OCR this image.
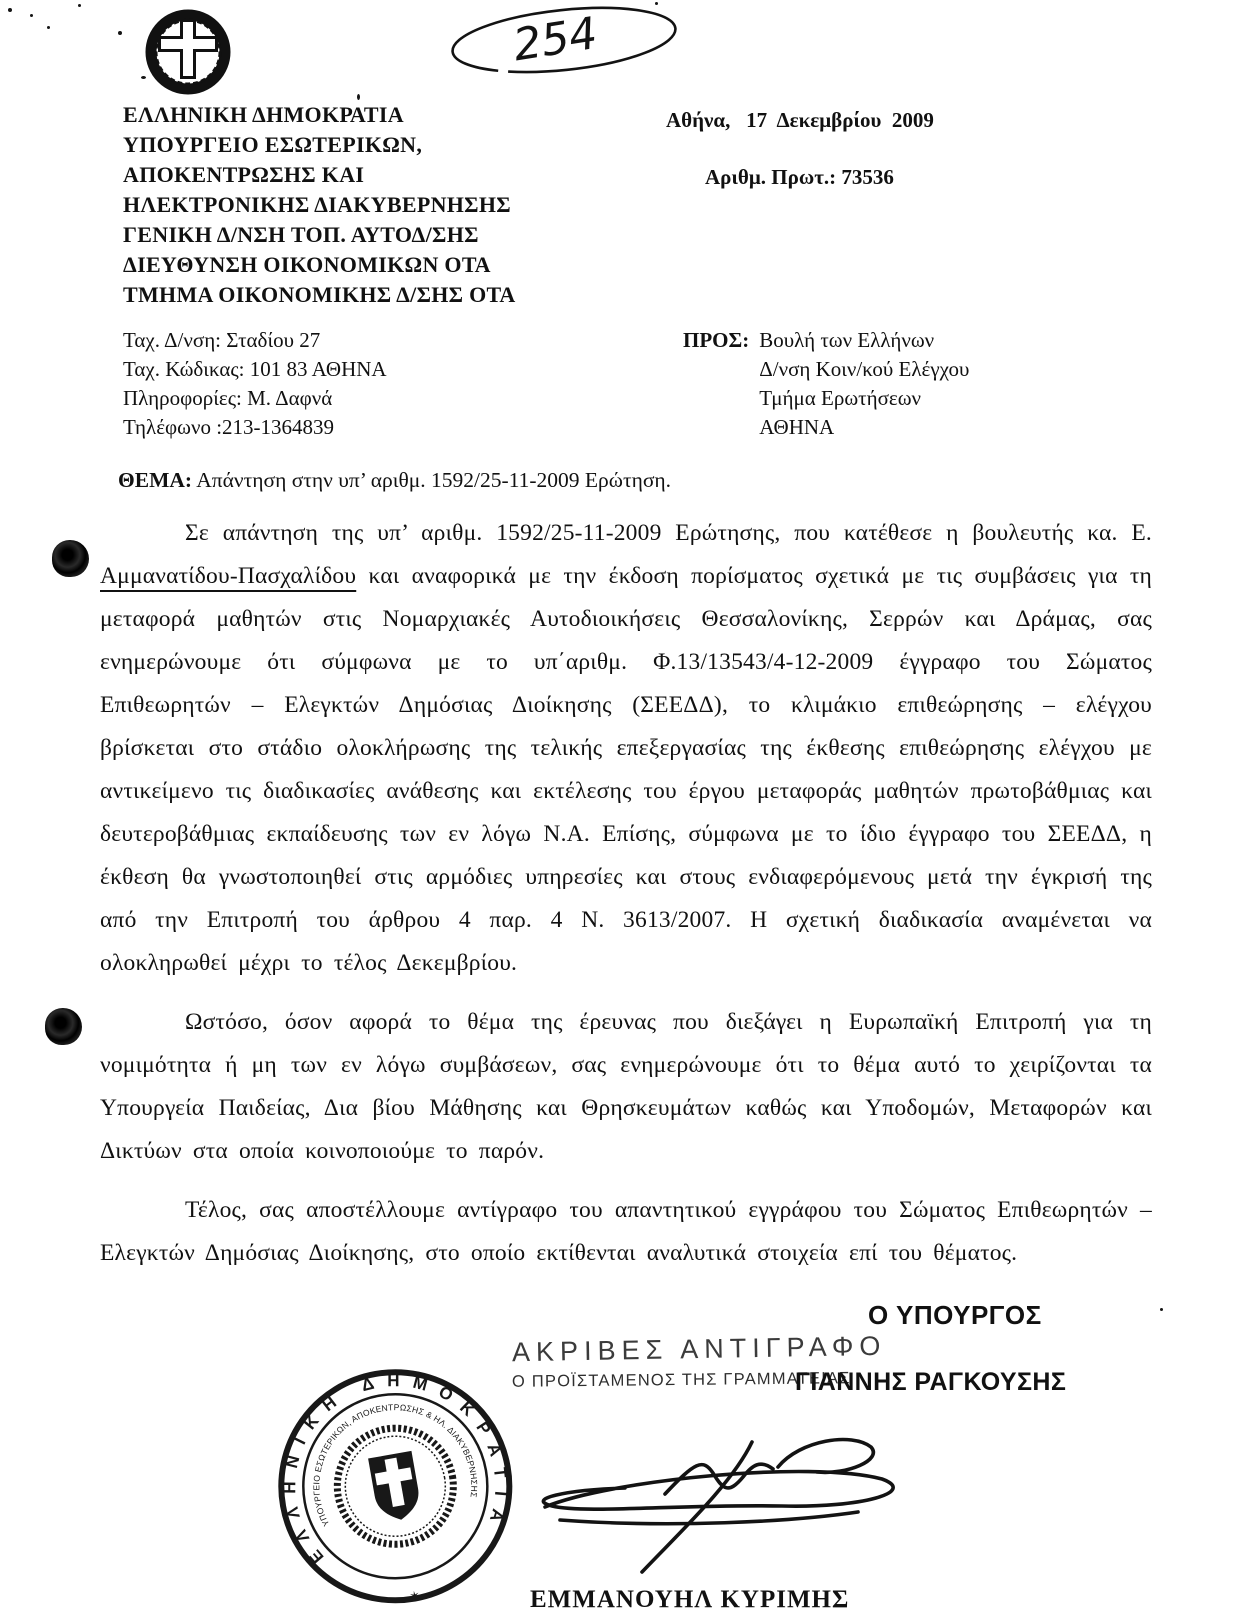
254
ΕΛΛΗΝΙΚΗ ΔΗΜΟΚΡΑΤΙΑ
ΥΠΟΥΡΓΕΙΟ ΕΣΩΤΕΡΙΚΩΝ,
ΑΠΟΚΕΝΤΡΩΣΗΣ ΚΑΙ
ΗΛΕΚΤΡΟΝΙΚΗΣ ΔΙΑΚΥΒΕΡΝΗΣΗΣ
ΓΕΝΙΚΗ Δ/ΝΣΗ ΤΟΠ. ΑΥΤΟΔ/ΣΗΣ
ΔΙΕΥΘΥΝΣΗ ΟΙΚΟΝΟΜΙΚΩΝ ΟΤΑ
ΤΜΗΜΑ ΟΙΚΟΝΟΜΙΚΗΣ Δ/ΣΗΣ ΟΤΑ
Αθήνα,   17  Δεκεμβρίου  2009
Αριθμ. Πρωτ.: 73536
Ταχ. Δ/νση: Σταδίου 27
Ταχ. Κώδικας: 101 83 ΑΘΗΝΑ
Πληροφορίες: Μ. Δαφνά
Τηλέφωνο :213-1364839
ΠΡΟΣ: Βουλή των Ελλήνων
Δ/νση Κοιν/κού Ελέγχου
Τμήμα Ερωτήσεων
ΑΘΗΝΑ
ΘΕΜΑ: Απάντηση στην υπ’ αριθμ. 1592/25-11-2009 Ερώτηση.

Σε απάντηση της υπ’ αριθμ. 1592/25-11-2009 Ερώτησης, που κατέθεσε η βουλευτής κα. Ε. Αμμανατίδου-Πασχαλίδου και αναφορικά με την έκδοση πορίσματος σχετικά με τις συμβάσεις για τη μεταφορά μαθητών στις Νομαρχιακές Αυτοδιοικήσεις Θεσσαλονίκης, Σερρών και Δράμας, σας ενημερώνουμε ότι σύμφωνα με το υπ΄αριθμ. Φ.13/13543/4-12-2009 έγγραφο του Σώματος Επιθεωρητών – Ελεγκτών Δημόσιας Διοίκησης (ΣΕΕΔΔ), το κλιμάκιο επιθεώρησης – ελέγχου βρίσκεται στο στάδιο ολοκλήρωσης της τελικής επεξεργασίας της έκθεσης επιθεώρησης ελέγχου με αντικείμενο τις διαδικασίες ανάθεσης και εκτέλεσης του έργου μεταφοράς μαθητών πρωτοβάθμιας και δευτεροβάθμιας εκπαίδευσης των εν λόγω Ν.Α. Επίσης, σύμφωνα με το ίδιο έγγραφο του ΣΕΕΔΔ, η έκθεση θα γνωστοποιηθεί στις αρμόδιες υπηρεσίες και στους ενδιαφερόμενους μετά την έγκρισή της από την Επιτροπή του άρθρου 4 παρ. 4 Ν. 3613/2007. Η σχετική διαδικασία αναμένεται να ολοκληρωθεί μέχρι το τέλος Δεκεμβρίου.

Ωστόσο, όσον αφορά το θέμα της έρευνας που διεξάγει η Ευρωπαϊκή Επιτροπή για τη νομιμότητα ή μη των εν λόγω συμβάσεων, σας ενημερώνουμε ότι το θέμα αυτό το χειρίζονται τα Υπουργεία Παιδείας, Δια βίου Μάθησης και Θρησκευμάτων καθώς και Υποδομών, Μεταφορών και Δικτύων στα οποία κοινοποιούμε το παρόν.

Τέλος, σας αποστέλλουμε αντίγραφο του απαντητικού εγγράφου του Σώματος Επιθεωρητών – Ελεγκτών Δημόσιας Διοίκησης, στο οποίο εκτίθενται αναλυτικά στοιχεία επί του θέματος.

Ο ΥΠΟΥΡΓΟΣ
ΑΚΡΙΒΕΣ ΑΝΤΙΓΡΑΦΟ
Ο ΠΡΟΪΣΤΑΜΕΝΟΣ ΤΗΣ ΓΡΑΜΜΑΤΕΙΑΣ
ΓΙΑΝΝΗΣ ΡΑΓΚΟΥΣΗΣ
ΕΜΜΑΝΟΥΗΛ ΚΥΡΙΜΗΣ
ΕΛΛΗΝΙΚΗ ΔΗΜΟΚΡΑΤΙΑ
ΥΠΟΥΡΓΕΙΟ ΕΣΩΤΕΡΙΚΩΝ, ΑΠΟΚΕΝΤΡΩΣΗΣ & ΗΛ. ΔΙΑΚΥΒΕΡΝΗΣΗΣ
✶
